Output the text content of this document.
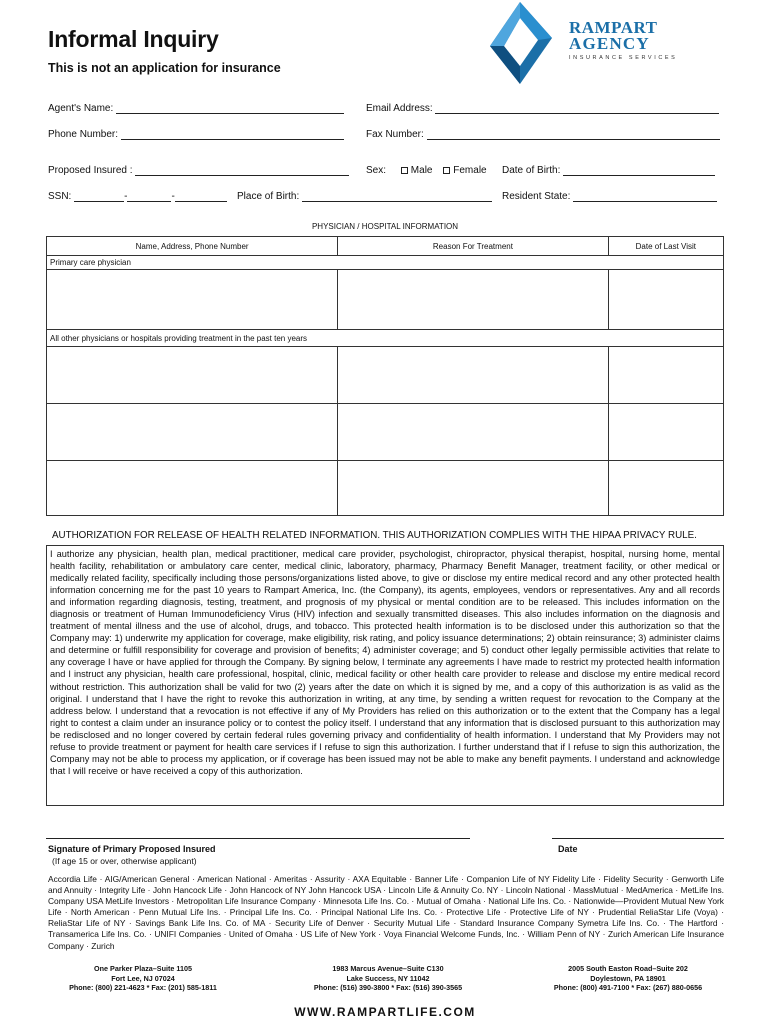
Informal Inquiry
This is not an application for insurance
RAMPART
AGENCY
INSURANCE SERVICES
Agent's Name:	Email Address:
Phone Number:	Fax Number:
Proposed Insured :	Sex: Male Female Date of Birth:
SSN:	-	-	Place of Birth:	Resident State:
PHYSICIAN / HOSPITAL INFORMATION
Name, Address, Phone Number	Reason For Treatment	Date of Last Visit
Primary care physician		

All other physicians or hospitals providing treatment in the past ten years		

AUTHORIZATION FOR RELEASE OF HEALTH RELATED INFORMATION. THIS AUTHORIZATION COMPLIES WITH THE HIPAA PRIVACY RULE.
I authorize any physician, health plan, medical practitioner, medical care provider, psychologist, chiropractor, physical therapist, hospital, nursing home, mental health facility, rehabilitation or ambulatory care center, medical clinic, laboratory, pharmacy, Pharmacy Benefit Manager, treatment facility, or other medical or medically related facility, specifically including those persons/organizations listed above, to give or disclose my entire medical record and any other protected health information concerning me for the past 10 years to Rampart America, Inc. (the Company), its agents, employees, vendors or representatives. Any and all records and information regarding diagnosis, testing, treatment, and prognosis of my physical or mental condition are to be released. This includes information on the diagnosis or treatment of Human Immunodeficiency Virus (HIV) infection and sexually transmitted diseases. This also includes information on the diagnosis and treatment of mental illness and the use of alcohol, drugs, and tobacco. This protected health information is to be disclosed under this authorization so that the Company may: 1) underwrite my application for coverage, make eligibility, risk rating, and policy issuance determinations; 2) obtain reinsurance; 3) administer claims and determine or fulfill responsibility for coverage and provision of benefits; 4) administer coverage; and 5) conduct other legally permissible activities that relate to any coverage I have or have applied for through the Company. By signing below, I terminate any agreements I have made to restrict my protected health information and I instruct any physician, health care professional, hospital, clinic, medical facility or other health care provider to release and disclose my entire medical record without restriction. This authorization shall be valid for two (2) years after the date on which it is signed by me, and a copy of this authorization is as valid as the original. I understand that I have the right to revoke this authorization in writing, at any time, by sending a written request for revocation to the Company at the address below. I understand that a revocation is not effective if any of My Providers has relied on this authorization or to the extent that the Company has a legal right to contest a claim under an insurance policy or to contest the policy itself. I understand that any information that is disclosed pursuant to this authorization may be redisclosed and no longer covered by certain federal rules governing privacy and confidentiality of health information. I understand that My Providers may not refuse to provide treatment or payment for health care services if I refuse to sign this authorization. I further understand that if I refuse to sign this authorization, the Company may not be able to process my application, or if coverage has been issued may not be able to make any benefit payments. I understand and acknowledge that I will receive or have received a copy of this authorization.
Signature of Primary Proposed Insured
(If age 15 or over, otherwise applicant)
Date
Accordia Life · AIG/American General · American National · Ameritas · Assurity · AXA Equitable · Banner Life · Companion Life of NY Fidelity Life · Fidelity Security · Genworth Life and Annuity · Integrity Life · John Hancock Life · John Hancock of NY John Hancock USA · Lincoln Life & Annuity Co. NY · Lincoln National · MassMutual · MedAmerica · MetLife Ins. Company USA MetLife Investors · Metropolitan Life Insurance Company · Minnesota Life Ins. Co. · Mutual of Omaha · National Life Ins. Co. · Nationwide—Provident Mutual New York Life · North American · Penn Mutual Life Ins. · Principal Life Ins. Co. · Principal National Life Ins. Co. · Protective Life · Protective Life of NY · Prudential ReliaStar Life (Voya) · ReliaStar Life of NY · Savings Bank Life Ins. Co. of MA · Security Life of Denver · Security Mutual Life · Standard Insurance Company Symetra Life Ins. Co. · The Hartford · Transamerica Life Ins. Co. · UNIFI Companies · United of Omaha · US Life of New York · Voya Financial Welcome Funds, Inc. · William Penn of NY · Zurich American Life Insurance Company · Zurich
One Parker Plaza–Suite 1105
Fort Lee, NJ 07024
Phone: (800) 221-4623 * Fax: (201) 585-1811
1983 Marcus Avenue–Suite C130
Lake Success, NY 11042
Phone: (516) 390-3800 * Fax: (516) 390-3565
2005 South Easton Road–Suite 202
Doylestown, PA 18901
Phone: (800) 491-7100 * Fax: (267) 880-0656
WWW.RAMPARTLIFE.COM
